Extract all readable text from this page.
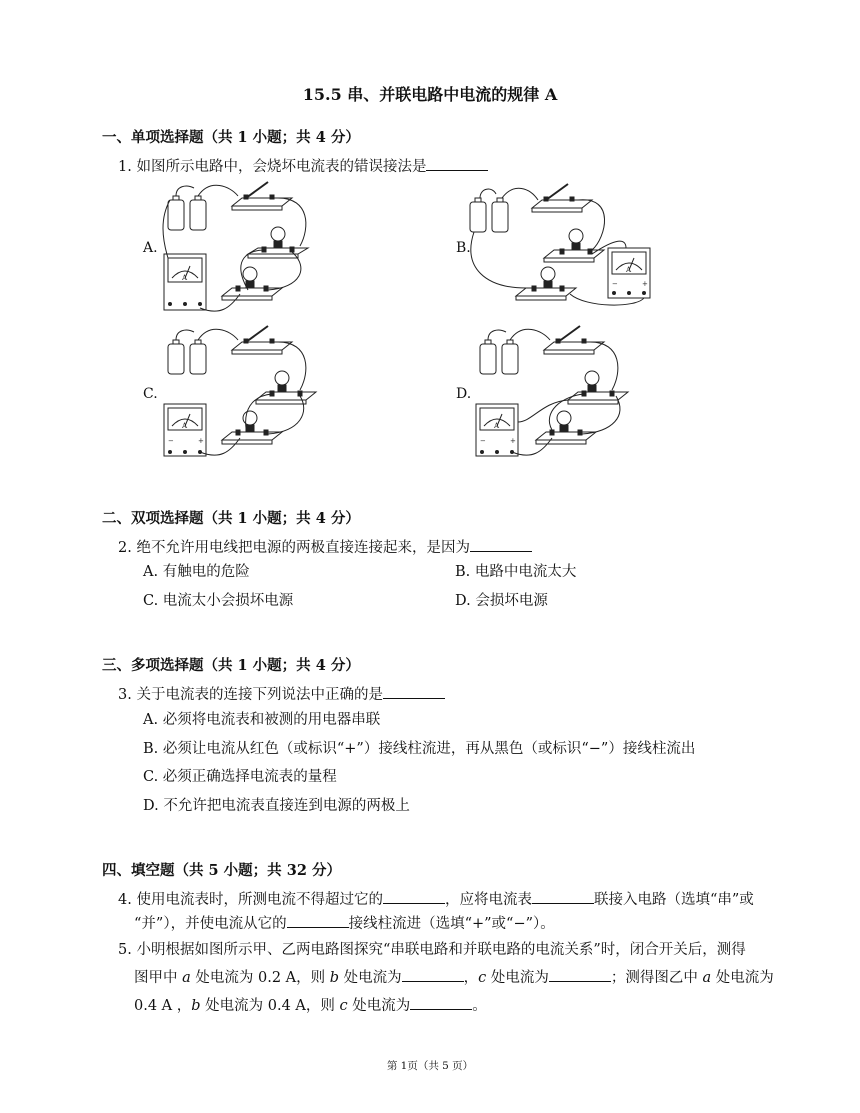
15.5 串、并联电路中电流的规律 A
一、单项选择题（共 1 小题；共 4 分）
1. 如图所示电路中，会烧坏电流表的错误接法是
A.	B.
C.	D.
A
A
−	+
A
−	+
A
−	+
二、双项选择题（共 1 小题；共 4 分）
2. 绝不允许用电线把电源的两极直接连接起来，是因为
A. 有触电的危险	B. 电路中电流太大
C. 电流太小会损坏电源	D. 会损坏电源
三、多项选择题（共 1 小题；共 4 分）
3. 关于电流表的连接下列说法中正确的是
A. 必须将电流表和被测的用电器串联
B. 必须让电流从红色（或标识“+”）接线柱流进，再从黑色（或标识“−”）接线柱流出
C. 必须正确选择电流表的量程
D. 不允许把电流表直接连到电源的两极上
四、填空题（共 5 小题；共 32 分）
4. 使用电流表时，所测电流不得超过它的	，应将电流表	联接入电路（选填“串”或
“并”），并使电流从它的	接线柱流进（选填“+”或“−”）。
5. 小明根据如图所示甲、乙两电路图探究“串联电路和并联电路的电流关系”时，闭合开关后，测得
图甲中 a 处电流为 0.2 A，则 b 处电流为	，c 处电流为	；测得图乙中 a 处电流为
0.4 A ，b 处电流为 0.4 A，则 c 处电流为	。
第 1页（共 5 页）
